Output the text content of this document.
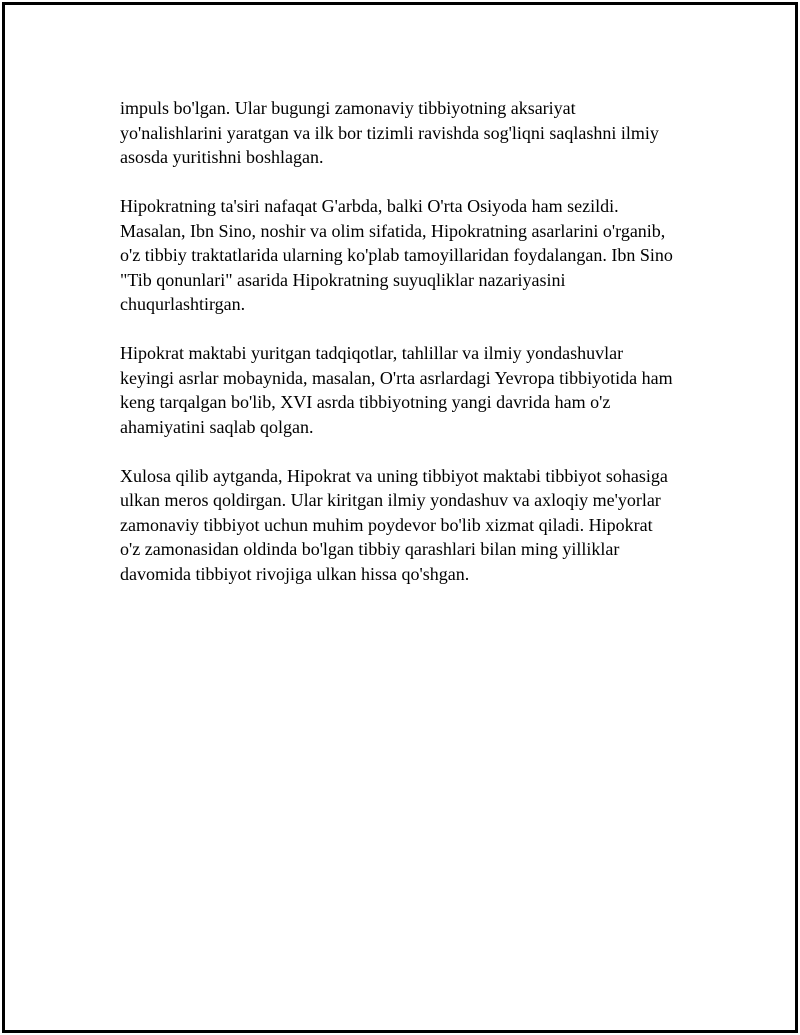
impuls bo'lgan. Ular bugungi zamonaviy tibbiyotning aksariyat
yo'nalishlarini yaratgan va ilk bor tizimli ravishda sog'liqni saqlashni ilmiy
asosda yuritishni boshlagan.

Hipokratning ta'siri nafaqat G'arbda, balki O'rta Osiyoda ham sezildi.
Masalan, Ibn Sino, noshir va olim sifatida, Hipokratning asarlarini o'rganib,
o'z tibbiy traktatlarida ularning ko'plab tamoyillaridan foydalangan. Ibn Sino
"Tib qonunlari" asarida Hipokratning suyuqliklar nazariyasini
chuqurlashtirgan.

Hipokrat maktabi yuritgan tadqiqotlar, tahlillar va ilmiy yondashuvlar
keyingi asrlar mobaynida, masalan, O'rta asrlardagi Yevropa tibbiyotida ham
keng tarqalgan bo'lib, XVI asrda tibbiyotning yangi davrida ham o'z
ahamiyatini saqlab qolgan.

Xulosa qilib aytganda, Hipokrat va uning tibbiyot maktabi tibbiyot sohasiga
ulkan meros qoldirgan. Ular kiritgan ilmiy yondashuv va axloqiy me'yorlar
zamonaviy tibbiyot uchun muhim poydevor bo'lib xizmat qiladi. Hipokrat
o'z zamonasidan oldinda bo'lgan tibbiy qarashlari bilan ming yilliklar
davomida tibbiyot rivojiga ulkan hissa qo'shgan.
